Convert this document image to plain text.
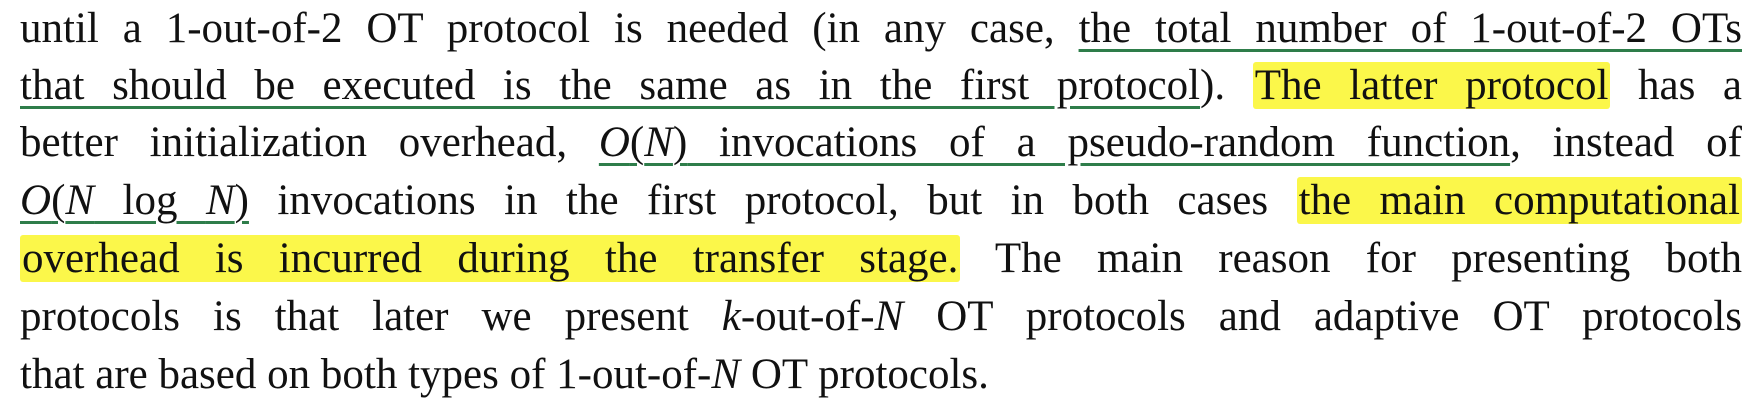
until a 1-out-of-2 OT protocol is needed (in any case, the total number of 1-out-of-2 OTs
that should be executed is the same as in the first protocol). The latter protocol has a
better initialization overhead, O(N) invocations of a pseudo-random function, instead of
O(N log N) invocations in the first protocol, but in both cases the main computational
overhead is incurred during the transfer stage. The main reason for presenting both
protocols is that later we present k-out-of-N OT protocols and adaptive OT protocols
that are based on both types of 1-out-of-N OT protocols.
